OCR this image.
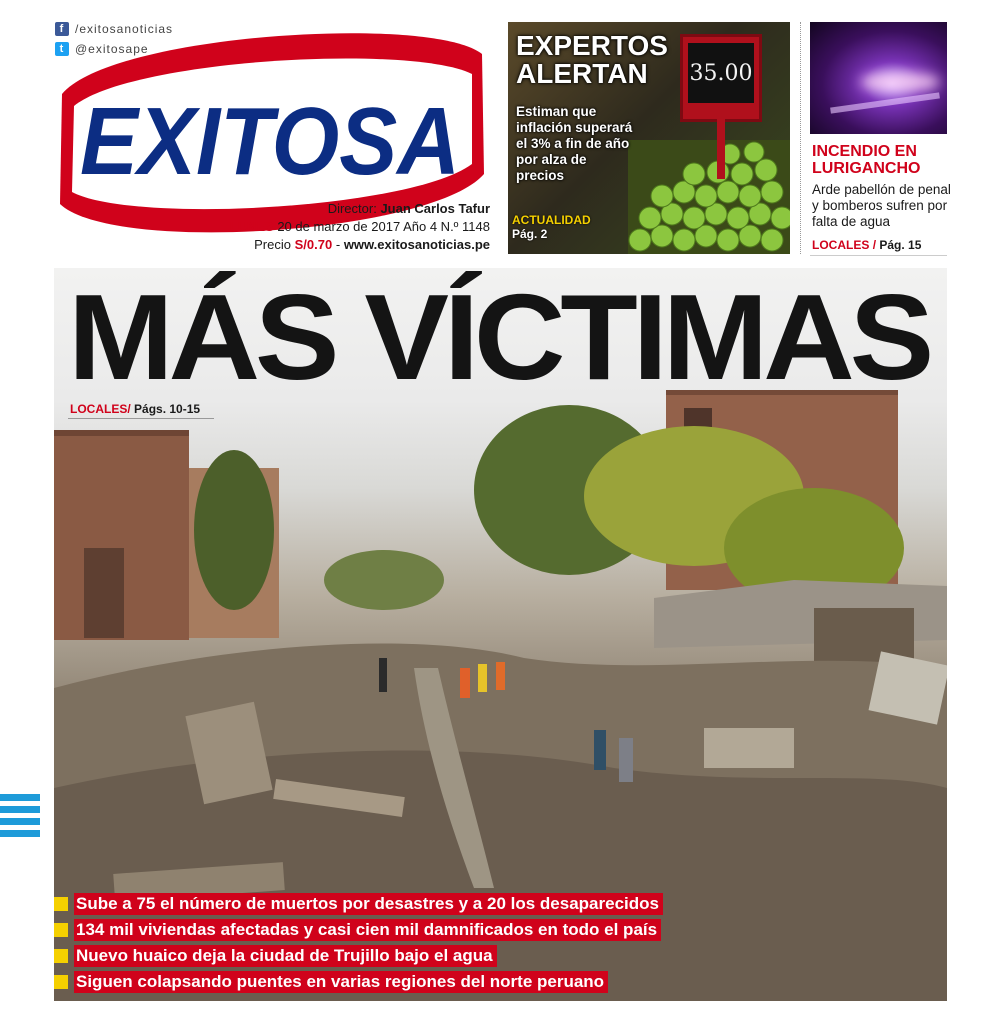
f /exitosanoticias
t @exitosape
EXITOSA
Director: Juan Carlos Tafur
LUNES 20 de marzo de 2017 Año 4 N.º 1148
Precio S/0.70 - www.exitosanoticias.pe
35.00
EXPERTOS
ALERTAN
Estiman que inflación superará el 3% a fin de año por alza de precios
ACTUALIDAD
Pág. 2
INCENDIO EN
LURIGANCHO
Arde pabellón de penal y bomberos sufren por falta de agua
LOCALES / Pág. 15
MÁS VÍCTIMAS
LOCALES/ Págs. 10-15
Sube a 75 el número de muertos por desastres y a 20 los desaparecidos
134 mil viviendas afectadas y casi cien mil damnificados en todo el país
Nuevo huaico deja la ciudad de Trujillo bajo el agua
Siguen colapsando puentes en varias regiones del norte peruano
